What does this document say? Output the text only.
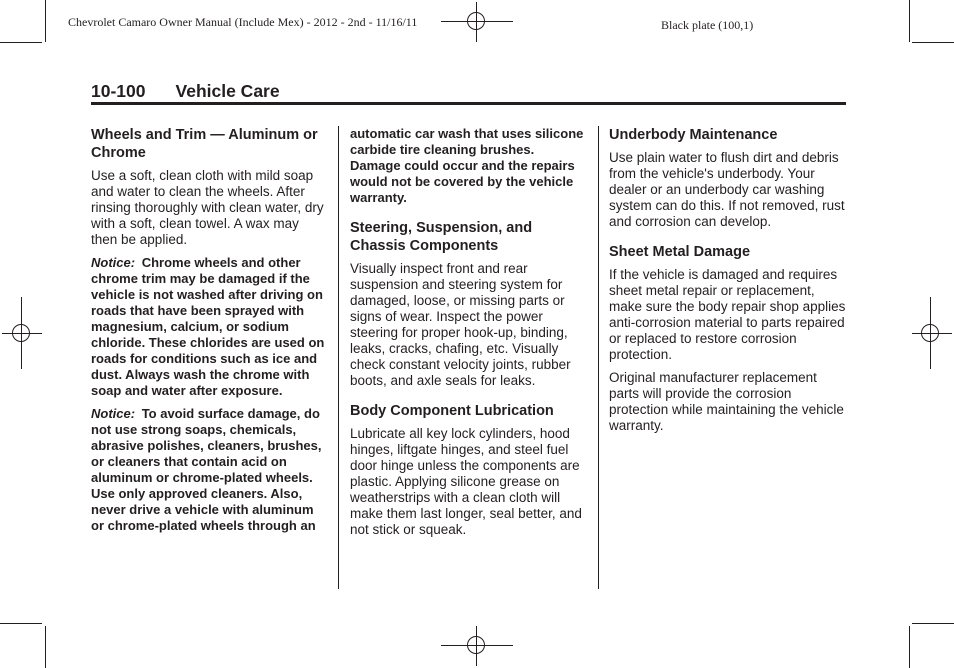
Chevrolet Camaro Owner Manual (Include Mex) - 2012 - 2nd - 11/16/11	Black plate (100,1)
10-100 Vehicle Care
Wheels and Trim — Aluminum or Chrome

Use a soft, clean cloth with mild soap and water to clean the wheels. After rinsing thoroughly with clean water, dry with a soft, clean towel. A wax may then be applied.

Notice: Chrome wheels and other chrome trim may be damaged if the vehicle is not washed after driving on roads that have been sprayed with magnesium, calcium, or sodium chloride. These chlorides are used on roads for conditions such as ice and dust. Always wash the chrome with soap and water after exposure.

Notice: To avoid surface damage, do not use strong soaps, chemicals, abrasive polishes, cleaners, brushes, or cleaners that contain acid on aluminum or chrome-plated wheels. Use only approved cleaners. Also, never drive a vehicle with aluminum or chrome-plated wheels through an

automatic car wash that uses silicone carbide tire cleaning brushes. Damage could occur and the repairs would not be covered by the vehicle warranty.

Steering, Suspension, and Chassis Components

Visually inspect front and rear suspension and steering system for damaged, loose, or missing parts or signs of wear. Inspect the power steering for proper hook-up, binding, leaks, cracks, chafing, etc. Visually check constant velocity joints, rubber boots, and axle seals for leaks.

Body Component Lubrication

Lubricate all key lock cylinders, hood hinges, liftgate hinges, and steel fuel door hinge unless the components are plastic. Applying silicone grease on weatherstrips with a clean cloth will make them last longer, seal better, and not stick or squeak.

Underbody Maintenance

Use plain water to flush dirt and debris from the vehicle's underbody. Your dealer or an underbody car washing system can do this. If not removed, rust and corrosion can develop.

Sheet Metal Damage

If the vehicle is damaged and requires sheet metal repair or replacement, make sure the body repair shop applies anti-corrosion material to parts repaired or replaced to restore corrosion protection.

Original manufacturer replacement parts will provide the corrosion protection while maintaining the vehicle warranty.
